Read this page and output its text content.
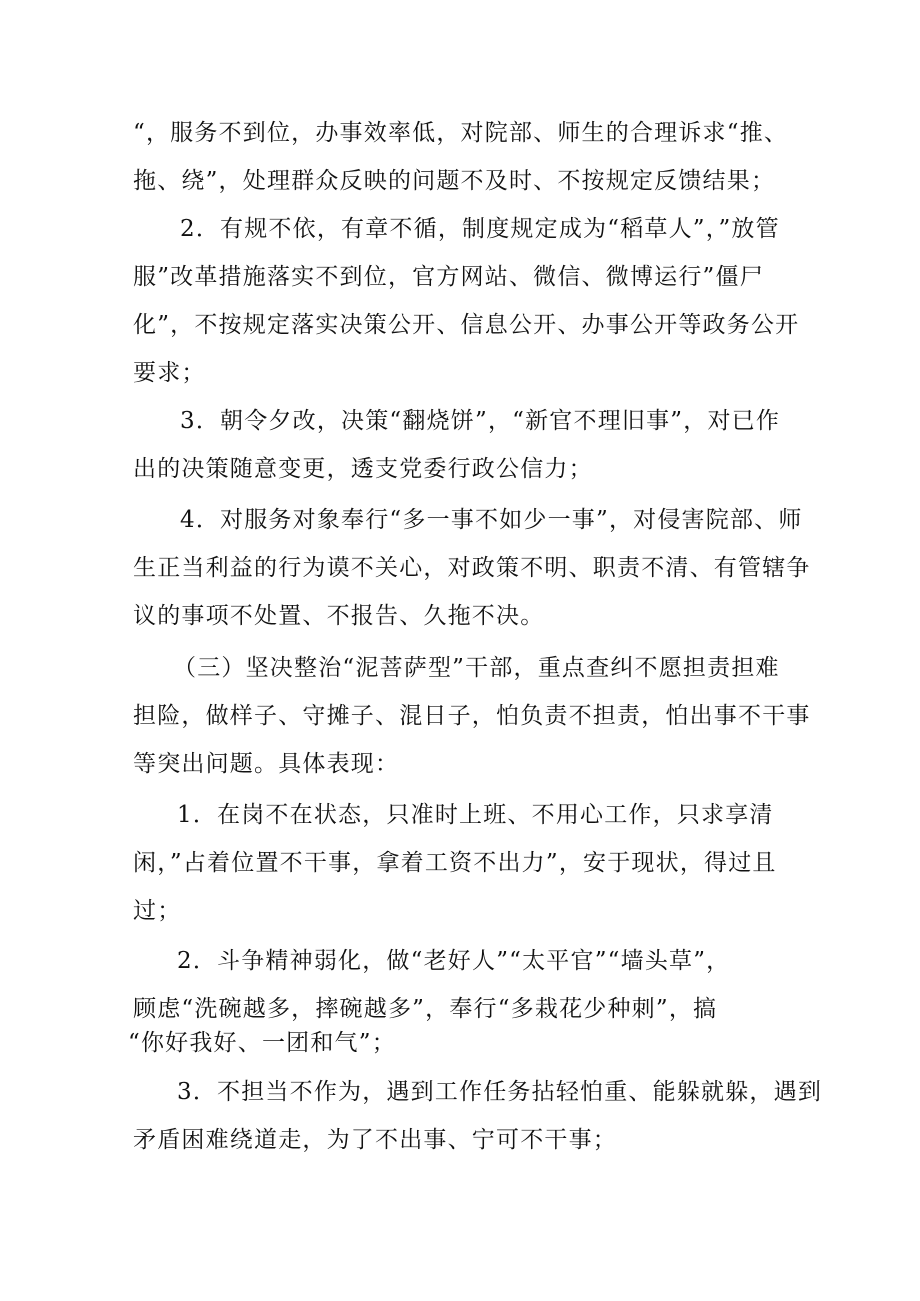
“，服务不到位，办事效率低，对院部、师生的合理诉求“推、
拖、绕”，处理群众反映的问题不及时、不按规定反馈结果；
2．有规不依，有章不循，制度规定成为“稻草人”，”放管
服”改革措施落实不到位，官方网站、微信、微博运行”僵尸
化”，不按规定落实决策公开、信息公开、办事公开等政务公开
要求；
3．朝令夕改，决策“翻烧饼”，“新官不理旧事”，对已作
出的决策随意变更，透支党委行政公信力；
4．对服务对象奉行“多一事不如少一事”，对侵害院部、师
生正当利益的行为谟不关心，对政策不明、职责不清、有管辖争
议的事项不处置、不报告、久拖不决。
（三）坚决整治“泥菩萨型”干部，重点查纠不愿担责担难
担险，做样子、守摊子、混日子，怕负责不担责，怕出事不干事
等突出问题。具体表现：
1．在岗不在状态，只准时上班、不用心工作，只求享清
闲，”占着位置不干事，拿着工资不出力”，安于现状，得过且
过；
2．斗争精神弱化，做“老好人”“太平官”“墙头草”，
顾虑“洗碗越多，摔碗越多”，奉行“多栽花少种刺”，搞
“你好我好、一团和气”；
3．不担当不作为，遇到工作任务拈轻怕重、能躲就躲，遇到
矛盾困难绕道走，为了不出事、宁可不干事；
